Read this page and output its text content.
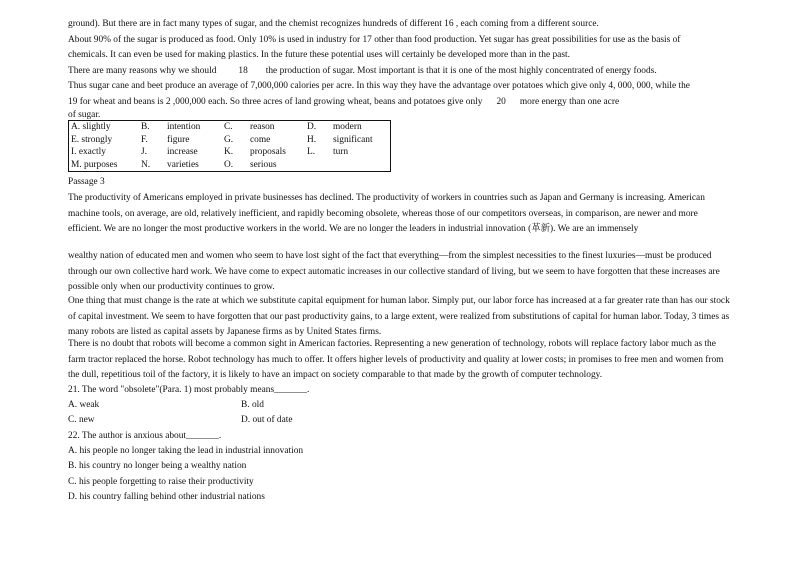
ground). But there are in fact many types of sugar, and the chemist recognizes hundreds of different 16 , each coming from a different source.
About 90% of the sugar is produced as food. Only 10% is used in industry for 17 other than food production. Yet sugar has great possibilities for use as the basis of
chemicals. It can even be used for making plastics. In the future these potential uses will certainly be developed more than in the past.
There are many reasons why we should 18 the production of sugar. Most important is that it is one of the most highly concentrated of energy foods.
Thus sugar cane and beet produce an average of 7,000,000 calories per acre. In this way they have the advantage over potatoes which give only 4, 000, 000, while the
19 for wheat and beans is 2 ,000,000 each. So three acres of land growing wheat, beans and potatoes give only 20 more energy than one acre
of sugar.
A. slightly	B.	intention	C.	reason	D.	modern
E. strongly	F.	figure	G.	come	H.	significant
I. exactly	J.	increase	K.	proposals	L.	turn
M. purposes	N.	varieties	O.	serious		
Passage 3
The productivity of Americans employed in private businesses has declined. The productivity of workers in countries such as Japan and Germany is increasing. American machine tools, on average, are old, relatively inefficient, and rapidly becoming obsolete, whereas those of our competitors overseas, in comparison, are newer and more efficient. We are no longer the most productive workers in the world. We are no longer the leaders in industrial innovation (革新). We are an immensely
wealthy nation of educated men and women who seem to have lost sight of the fact that everything—from the simplest necessities to the finest luxuries—must be produced through our own collective hard work. We have come to expect automatic increases in our collective standard of living, but we seem to have forgotten that these increases are possible only when our productivity continues to grow.
One thing that must change is the rate at which we substitute capital equipment for human labor. Simply put, our labor force has increased at a far greater rate than has our stock of capital investment. We seem to have forgotten that our past productivity gains, to a large extent, were realized from substitutions of capital for human labor. Today, 3 times as many robots are listed as capital assets by Japanese firms as by United States firms.
There is no doubt that robots will become a common sight in American factories. Representing a new generation of technology, robots will replace factory labor much as the farm tractor replaced the horse. Robot technology has much to offer. It offers higher levels of productivity and quality at lower costs; in promises to free men and women from the dull, repetitious toil of the factory, it is likely to have an impact on society comparable to that made by the growth of computer technology.
21. The word "obsolete"(Para. 1) most probably means_______.
A. weak	B. old
C. new	D. out of date
22. The author is anxious about_______.
A. his people no longer taking the lead in industrial innovation
B. his country no longer being a wealthy nation
C. his people forgetting to raise their productivity
D. his country falling behind other industrial nations
